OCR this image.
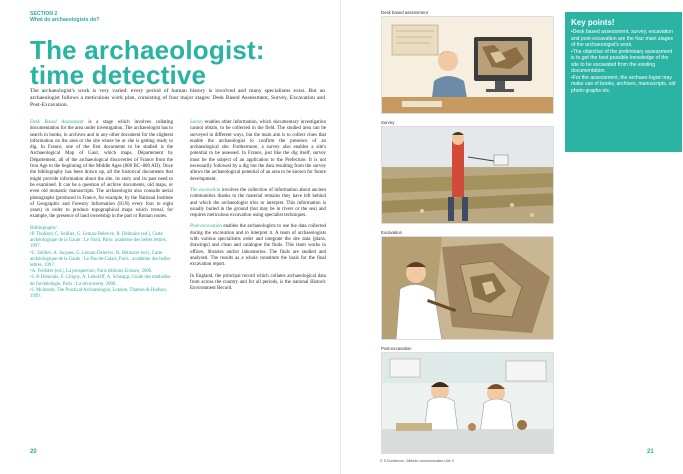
SECTION 2
What do archaeologists do?
The archaeologist:
time detective

The archaeologist's work is very varied: every period of human history is involved and many specialisms exist. But an archaeologist follows a meticulous work plan, consisting of four major stages: Desk Based Assessment, Survey, Excavation and Post-Excavation.

Desk Based Assessment is a stage which involves collating documentation for the area under investigation. The archaeologist has to search in books, in archives and in any other document for the slightest information on the area or the site where he or she is getting ready to dig. In France, one of the first documents to be studied is the Archaeological Map of Gaul, which maps, Département by Département, all of the archaeological discoveries of France from the Iron Age to the beginning of the Middle Ages (800 BC–800 AD). Once the bibliography has been drawn up, all the historical documents that might provide information about the site, its story and its past need to be examined. It can be a question of archive documents, old maps, or even old monastic manuscripts. The archaeologist also consults aerial photographs (produced in France, for example, by the National Institute of Geographic and Forestry Information (IGN) every four to eight years) in order to produce topographical maps which reveal, for example, the presence of land ownership in the part or Roman routes.

Bibliography:
• P. Thollard, C. Seillier, G. Leman-Delerive, R. Delmaire (ed.), Carte archéologique de la Gaule : Le Nord, Paris: académie des belles lettres, 1997.
• C. Seillier, A. Jacques, G. Leman-Delerive, R. Delmaire (ed.), Carte archéologique de la Gaule : Le Pas-de-Calais, Paris : académie des belles lettres, 1997.
• A. Ferdière (ed.), La prospection, Paris éditions Errance, 2006.
• J.-P. Demoule, F. Giligny, A. Lehoërff, A. Schnapp, Guide des méthodes de l'archéologie, Paris : La découverte, 2009.
• J. McIntosh, The Practical Archaeologist, London, Thames & Hudson, 1999.

Survey enables other information, which documentary investigation cannot obtain, to be collected in the field. The studied area can be surveyed in different ways, but the main aim is to collect clues that enable the archaeologist to confirm the presence of an archaeological site. Furthermore, a survey also enables a site's potential to be assessed. In France, just like the dig itself, survey must be the subject of an application to the Prefecture. It is not necessarily followed by a dig but the data resulting from the survey allows the archaeological potential of an area to be known for future development.

The excavation involves the collection of information about ancient communities thanks to the material remains they have left behind and which the archaeologist tries to interpret. This information is usually buried in the ground (but may be in rivers or the sea) and requires meticulous excavation using specialist techniques.

Post-excavation enables the archaeologists to use the data collected during the excavation and to interpret it. A team of archaeologists with various specialisms order and integrate the site data (plans, drawings) and clean and catalogue the finds. This team works in offices, libraries and/or laboratories. The finds are studied and analysed. The results as a whole constitute the basis for the final excavation report.

In England, the principal record which collates archaeological data from across the country and for all periods, is the national Historic Environment Record.

20
Desk based assessment
Key points!
• Desk based assessment, survey, excavation and post-excavation are the four main stages of the archaeologist's work.
• The objective of the preliminary assessment is to get the best possible knowledge of the site to be excavated from the existing documentation.
• For the assessment, the archaeo-logist may make use of books, archives, manuscripts, old photo-graphs etc.
Survey
Excavation
Post-excavation
© S.Dominicus, Gibbule communication Lille 3
21
